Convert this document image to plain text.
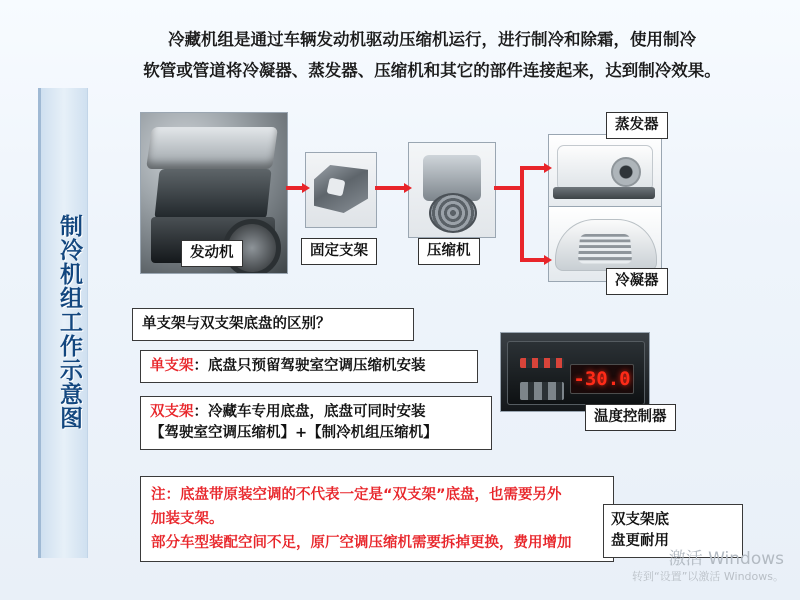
制冷机组工作示意图
冷藏机组是通过车辆发动机驱动压缩机运行，进行制冷和除霜，使用制冷
软管或管道将冷凝器、蒸发器、压缩机和其它的部件连接起来，达到制冷效果。
-30.0
发动机	固定支架	压缩机
蒸发器
冷凝器
温度控制器
单支架与双支架底盘的区别？
单支架：底盘只预留驾驶室空调压缩机安装
双支架：冷藏车专用底盘，底盘可同时安装
【驾驶室空调压缩机】+【制冷机组压缩机】
注：底盘带原装空调的不代表一定是“双支架”底盘，也需要另外
加装支架。
部分车型装配空间不足，原厂空调压缩机需要拆掉更换，费用增加
双支架底
盘更耐用
激活 Windows
转到“设置”以激活 Windows。
